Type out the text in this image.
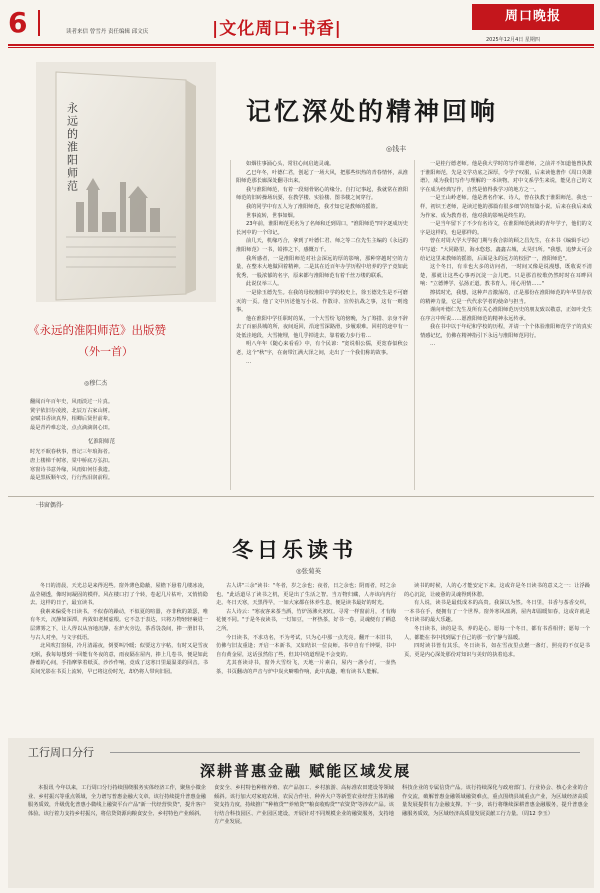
6	读者来信 曾雪丹 责任编辑 邱文庆	|文化周口·书香|
周口晚报
2025年12月4日 星期四
永远的淮阳师范	记忆深处的精神回响
◎钱丰
《永远的淮阳师范》出版赞
（外一首）
◎穆仁杰
翻阅百年百年史，风雨淡过一片真。
黉宇依旧存凌渡，北辰万古家山树。
奋赋书香读真界，相卿后贤世前辈。
最是青衿难忘处，点点滴滴润心田。
忆淮阳师范
时光不眠春秋事，曾记三年琅海者。
唐上楼梯千树寒，棠中桥底万弘扣。
寒窗诗书意外缘，风雨如何任我遗。
最是黑板顺年改，行行热泪润前程。

如烟往事涌心头，常驻心间启迪灵魂。

乙巳年冬，叶德仁君，创起了一场大风，把那些炽热的青春情怀，从淮阳师范那长廊深处翻寻出来。

我与淮阳师范，有着一段刻骨铭心的缘分。自打记事起，我就常在淮阳师范的旧砖操场玩耍，在教学楼、实验楼、图书楼之间穿行。

我的同学中有五人为了淮阳师范，我才知它是教师的摇篮。

世事流转，世事如烟。

23年前，淮阳师范更名为了名师和迁到周口，"淮阳师范"四字逐成历史长河中的一个印记。

前几天，机缘巧合，拿到了叶德仁君、师之等二位先生主编的《永远的淮阳师范》一书，铅捧之下，感慨万千。

我所感者，一是淮阳师范对社会深远的厚的影响，那种穿越时空的力量，在整本大地做回着精神。二是其在近百年办学历程中培养的学子竟如此优秀，一股浓郁的名字，原来都与淮阳师范有着千丝万缕的联系。

此说仅举三人。

一是徐玉德先生。在我的母校淮阳中学的校史上，徐玉德先生是不可磨灭的一页。他了文中历述他写小说、作散诗、宣传抗战之事，这有一则逸事。

他在淮阳中学任职时的某，一个大雪纷飞的傍晚，为了筹措、亲身不辞去了百丽县城的所，夜间返回，沿途雪深路滑，步履艰难。回村的途中有一处低洼地段，大雪掩埋，他几乎掉进去，靠着毅力步行着…

明八年年《随心来看看》中，有个民谚："宽说相公儒，更宽春似秋公老，这个"秋"字，在南带江满大泽之间，走出了一个我们称的故事。

…

一是桂行德老师。他是我大学时的写作课老师，之前并不知道他曾执教于淮阳师范，先是文学功底之深厚，令学子叹服，后来读他著作《周口英雄谱》，成为我们写作与理解的一本读物。对中文系学生来说，能见自己的文字在成为经典写作，自然是值得我学习的地方之一。

一是王山岭老师。他是著名作家、诗人，曾在执教于淮阳师范，我也一样，初识王老师，是读过他的那篇有很多细节的短篇小说。后来在我后来成为作家、成为教育者，他对我的影响是终生的。

一是当年留下了不少有名诗文，在淮阳师范就读的青年学子，他们的文字是这样的，也是那样的。

曾在对周大学大学院门期与我合影的顾之昌先生，在本书《编辑手记》中写道："大同路里，海水悠悠。鑫鑫古城，太昊归所。"我想，追梦太可会给记这里来教师的摇篮，后面是永的远方的校园"一，淮阳师范"。

这个冬日，有幸也大多的访问者，一时间又像是说漫想，既收说不清楚，那就让这些心事再沉淀一会儿吧。只是那首校歌仍然时时在耳畔回响："立德博学、弘扬正道。教书育人、用心用情……"

擦拭时光，我想，这种声音激荡的，正是那份在淮阳师范的年华里存放的精神力量，它是一代代求学者的使命与担当。

谨向叶德仁先生及所有关心淮阳师范历史的朋友致以敬意，正如叶先生在序言中所说……愿淮阳师范的精神永远传承。

我在书中以于年纪和学校的历程，并请一个个体验淮阳师范学子的真实情感记忆，仿佛在精神指引下永远与淮阳师范同行。

…

·书窗偶得·
冬日乐读书
◎张菊英

冬日的清晨，天光总是来得迟些。窗外薄色隐蔽，屋檐下悬着几缕冰凌，晶莹剔透，像时间凝固的模样。风在楼口打了个转，卷起几片枯叶，又悄悄隐去。这样的日子，最宜读书。

我素来偏爱冬日读书。不似春的躁动，不似夏的喧嚣，亦非秋的萧瑟，唯有冬天，沉静如深潭，内敛如老树虚根。它不急于表达，只将万物轻轻裹进一层薄雾之下，让人得以从容地沉静，在炉火旁边，茶香袅袅间，捧一册旧书，与古人对坐，与文字低语。

北风吹打窗棂，冷月清霜夜，倒要叫冷暖；似要这方字帖，有时又是雪夜无眠，我每每想到一回能有冬夜的意，雨夜隔在屋内，捧上几卷书，便是如此静谧的心间，手指摩挲着纸页，沙沙作响，竟成了这寒日里最温柔的回音。书页间光影在书页上流转，早已将这份时光，却仍将人带向旧园。

古人讲"三余"读书："冬者，岁之余也；夜者，日之余也；阴雨者，时之余也。"此话道尽了读书之机，更是出了生活之智。当万物归藏，人亦该向内行走。冬日天寒，天黑得早，一如大家都在休养生息，便是读书最好的时光。

古人诗云："寒夜客来茶当酒，竹炉汤沸火初红。寻常一样窗前月，才有梅花便不同。"于是冬夜读书，一灯如豆，一杯热茶，好书一卷，灵魂便有了栖息之所。

今日读书，不求功名，不为考试，只为心中那一点光亮。翻开一本旧书，仿佛与旧友重逢；开启一本新书，又如结识一位良师。书中自有千钟粟，书中自有黄金屋，这话虽然俗了些，但其中的道理是不会变的。

尤其喜读诗书，窗外大雪纷飞，天地一片素白，屋内一盏小灯，一壶热茶，书页翻动的声音与炉中炭火噼啪作响，此中真趣，唯有读书人能解。

读书的时候，人的心才能安定下来。这或许是冬日读书的意义之一：让浮躁的心沉淀，让疲惫的灵魂得到休憩。

有人说，读书是最低成本的高贵。我深以为然。冬日里，书香与茶香交织，一本书在手，便拥有了一个世界。窗外寒风凛冽，屋内却温暖如春，这或许就是冬日读书的最大乐趣。

冬日读书，读的是书，养的是心。愿每一个冬日，都有书香相伴；愿每一个人，都能在书中找到属于自己的那一份宁静与温暖。

四时读书皆有其乐，冬日读书，如在雪夜里点燃一盏灯，照亮的不仅是书页，更是内心深处那份对知识与美好的执着追求。

工行周口分行
深耕普惠金融 赋能区域发展

本报讯 今年以来，工行周口分行持续围绕服务实体经济工作，聚焦小微企业、乡村振兴等重点领域，全力谱写普惠金融大文章。该行持续提升普惠金融服务质效，升级优化普惠小微线上融资平台产品"新一代经营快贷"，提升客户体验。该行着力支持乡村振兴，将信贷资源向粮食安全、乡村特色产业倾斜。

食安全、乡村特色种植养殖、农产品加工、乡村旅游、高标准农田建设等领域倾斜。该行加大对家庭农场、农民合作社、种养大户等新型农业经营主体的融资支持力度，持续推广"种植贷""养殖贷""粮食收购贷""农资贷"等涉农产品。该行结合科技园区、产业园区建设，开展针对不同规模企业的融资服务，支持地方产业发展。

科技企业的专属信贷产品。该行持续深化与政府部门、行业协会、核心企业的合作交流，破解普惠金融领域融资难点，重点围绕县域重点产业，为区域经济高质量发展提供有力金融支撑。下一步，该行将继续深耕普惠金融服务，提升普惠金融服务质效，为区域经济高质量发展贡献工行力量。（周12 李玉）
